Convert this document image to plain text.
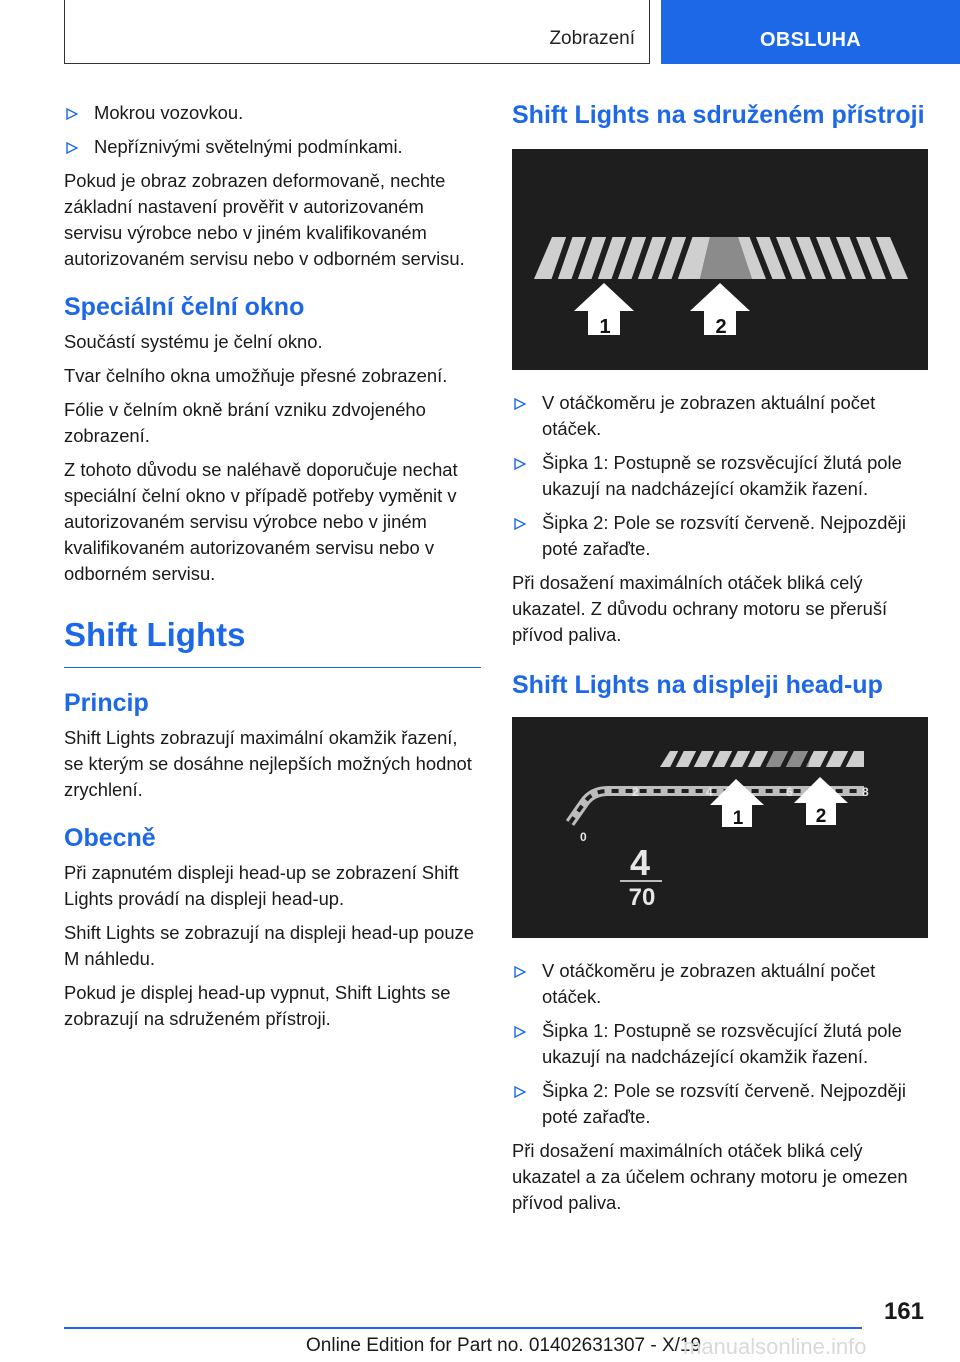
Zobrazení	OBSLUHA
Mokrou vozovkou.
Nepříznivými světelnými podmínkami.

Pokud je obraz zobrazen deformovaně, nechte základní nastavení prověřit v autorizovaném servisu výrobce nebo v jiném kvalifikovaném autorizovaném servisu nebo v odborném servisu.

Speciální čelní okno

Součástí systému je čelní okno.

Tvar čelního okna umožňuje přesné zobrazení.

Fólie v čelním okně brání vzniku zdvojeného zobrazení.

Z tohoto důvodu se naléhavě doporučuje nechat speciální čelní okno v případě potřeby vyměnit v autorizovaném servisu výrobce nebo v jiném kvalifikovaném autorizovaném servisu nebo v odborném servisu.

Shift Lights
Princip

Shift Lights zobrazují maximální okamžik řazení, se kterým se dosáhne nejlepších možných hodnot zrychlení.

Obecně

Při zapnutém displeji head-up se zobrazení Shift Lights provádí na displeji head-up.

Shift Lights se zobrazují na displeji head-up pouze M náhledu.

Pokud je displej head-up vypnut, Shift Lights se zobrazují na sdruženém přístroji.

Shift Lights na sdruženém přístroji
1	2
V otáčkoměru je zobrazen aktuální počet otáček.
Šipka 1: Postupně se rozsvěcující žlutá pole ukazují na nadcházející okamžik řazení.
Šipka 2: Pole se rozsvítí červeně. Nejpozději poté zařaďte.

Při dosažení maximálních otáček bliká celý ukazatel. Z důvodu ochrany motoru se přeruší přívod paliva.

Shift Lights na displeji head-up
0
2	4	6	8
1	2
4
70
V otáčkoměru je zobrazen aktuální počet otáček.
Šipka 1: Postupně se rozsvěcující žlutá pole ukazují na nadcházející okamžik řazení.
Šipka 2: Pole se rozsvítí červeně. Nejpozději poté zařaďte.

Při dosažení maximálních otáček bliká celý ukazatel a za účelem ochrany motoru je omezen přívod paliva.

161
Online Edition for Part no. 01402631307 - X/19
manualsonline.info
